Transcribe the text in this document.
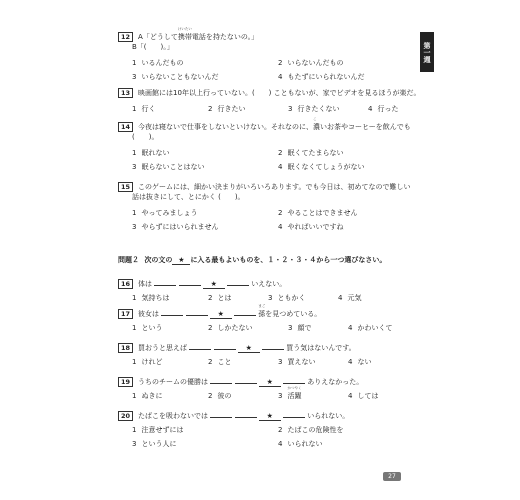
第一週
12 A「どうして
けいたい
携帯電話を持たないの。」
B「(　　)。」
1 いるんだもの	2 いらないんだもの
3 いらないこともないんだ	4 もたずにいられないんだ
13 映画館には10年以上行っていない。(　　) こともないが、家でビデオを見るほうが楽だ。
1 行く	2 行きたい	3 行きたくない	4 行った
14 今夜は寝ないで仕事をしないといけない。それなのに、
こ
濃いお茶やコーヒーを飲んでも
(　　)。
1 眠れない	2 眠くてたまらない
3 眠らないことはない	4 眠くなくてしょうがない
15 このゲームには、細かい決まりがいろいろあります。でも今日は、初めてなので難しい
話は抜きにして、とにかく (　　)。
1 やってみましょう	2 やることはできません
3 やらずにはいられません	4 やればいいですね
問題２ 次の文の ★ に入る最もよいものを、１・２・３・４から一つ選びなさい。
16 体は	★	いえない。
1 気持ちは	2 とは	3 ともかく	4 元気
17 彼女は	★
まご
孫を見つめている。
1 という	2 しかたない	3 顔で	4 かわいくて
18 買おうと思えば	★	買う気はないんです。
1 けれど	2 こと	3 買えない	4 ない
19 うちのチームの優勝は	★	ありえなかった。
1 ぬきに	2 彼の	3
かつやく
活躍	4 しては
20 たばこを吸わないでは	★	いられない。
1 注意せずには	2 たばこの危険性を
3 という人に	4 いられない
27
